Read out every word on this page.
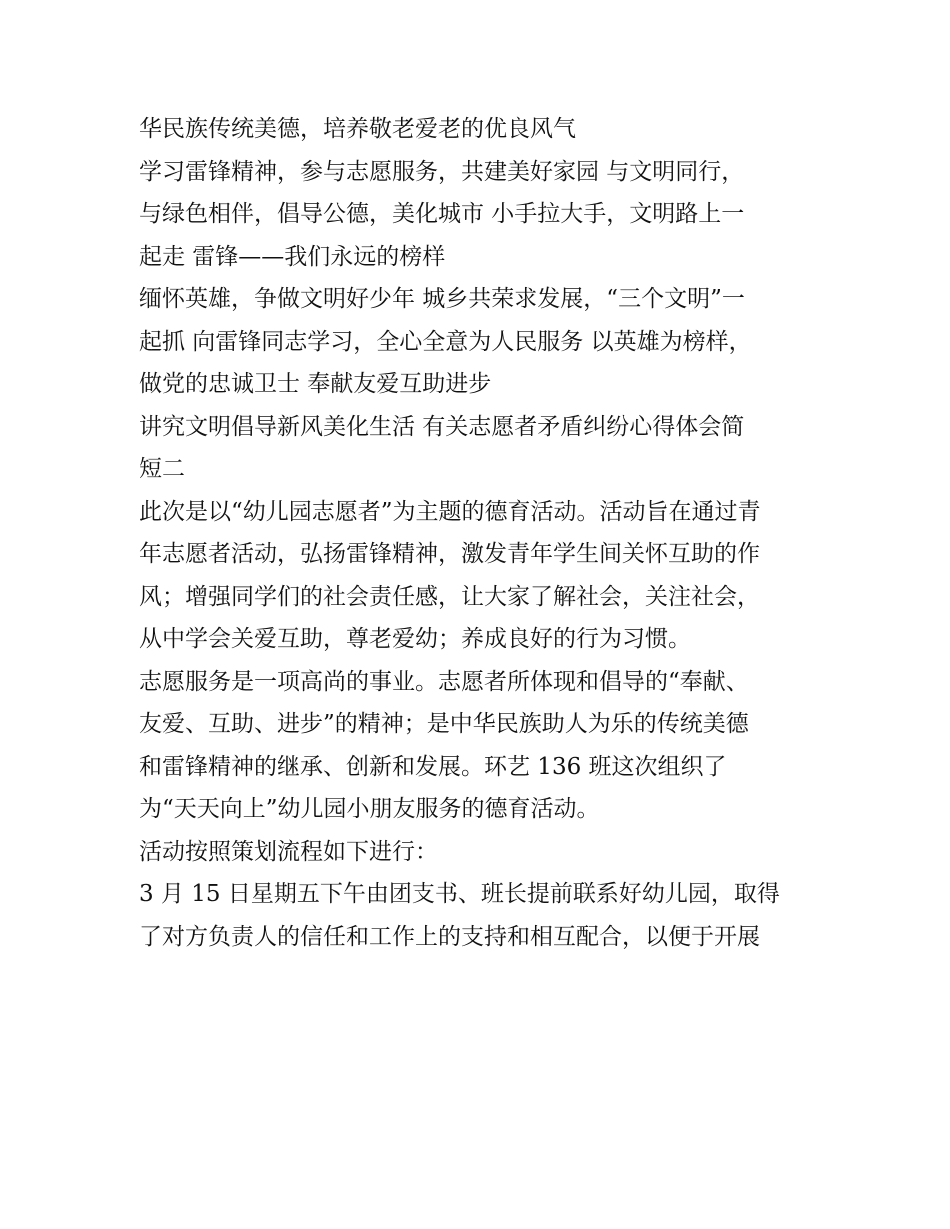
华民族传统美德，培养敬老爱老的优良风气
学习雷锋精神，参与志愿服务，共建美好家园 与文明同行，
与绿色相伴，倡导公德，美化城市 小手拉大手，文明路上一
起走 雷锋——我们永远的榜样
缅怀英雄，争做文明好少年 城乡共荣求发展，“三个文明”一
起抓 向雷锋同志学习，全心全意为人民服务 以英雄为榜样，
做党的忠诚卫士 奉献友爱互助进步
讲究文明倡导新风美化生活 有关志愿者矛盾纠纷心得体会简
短二
此次是以“幼儿园志愿者”为主题的德育活动。活动旨在通过青
年志愿者活动，弘扬雷锋精神，激发青年学生间关怀互助的作
风；增强同学们的社会责任感，让大家了解社会，关注社会，
从中学会关爱互助，尊老爱幼；养成良好的行为习惯。
志愿服务是一项高尚的事业。志愿者所体现和倡导的“奉献、
友爱、互助、进步”的精神；是中华民族助人为乐的传统美德
和雷锋精神的继承、创新和发展。环艺 136 班这次组织了
为“天天向上”幼儿园小朋友服务的德育活动。
活动按照策划流程如下进行：
3 月 15 日星期五下午由团支书、班长提前联系好幼儿园，取得
了对方负责人的信任和工作上的支持和相互配合，以便于开展
